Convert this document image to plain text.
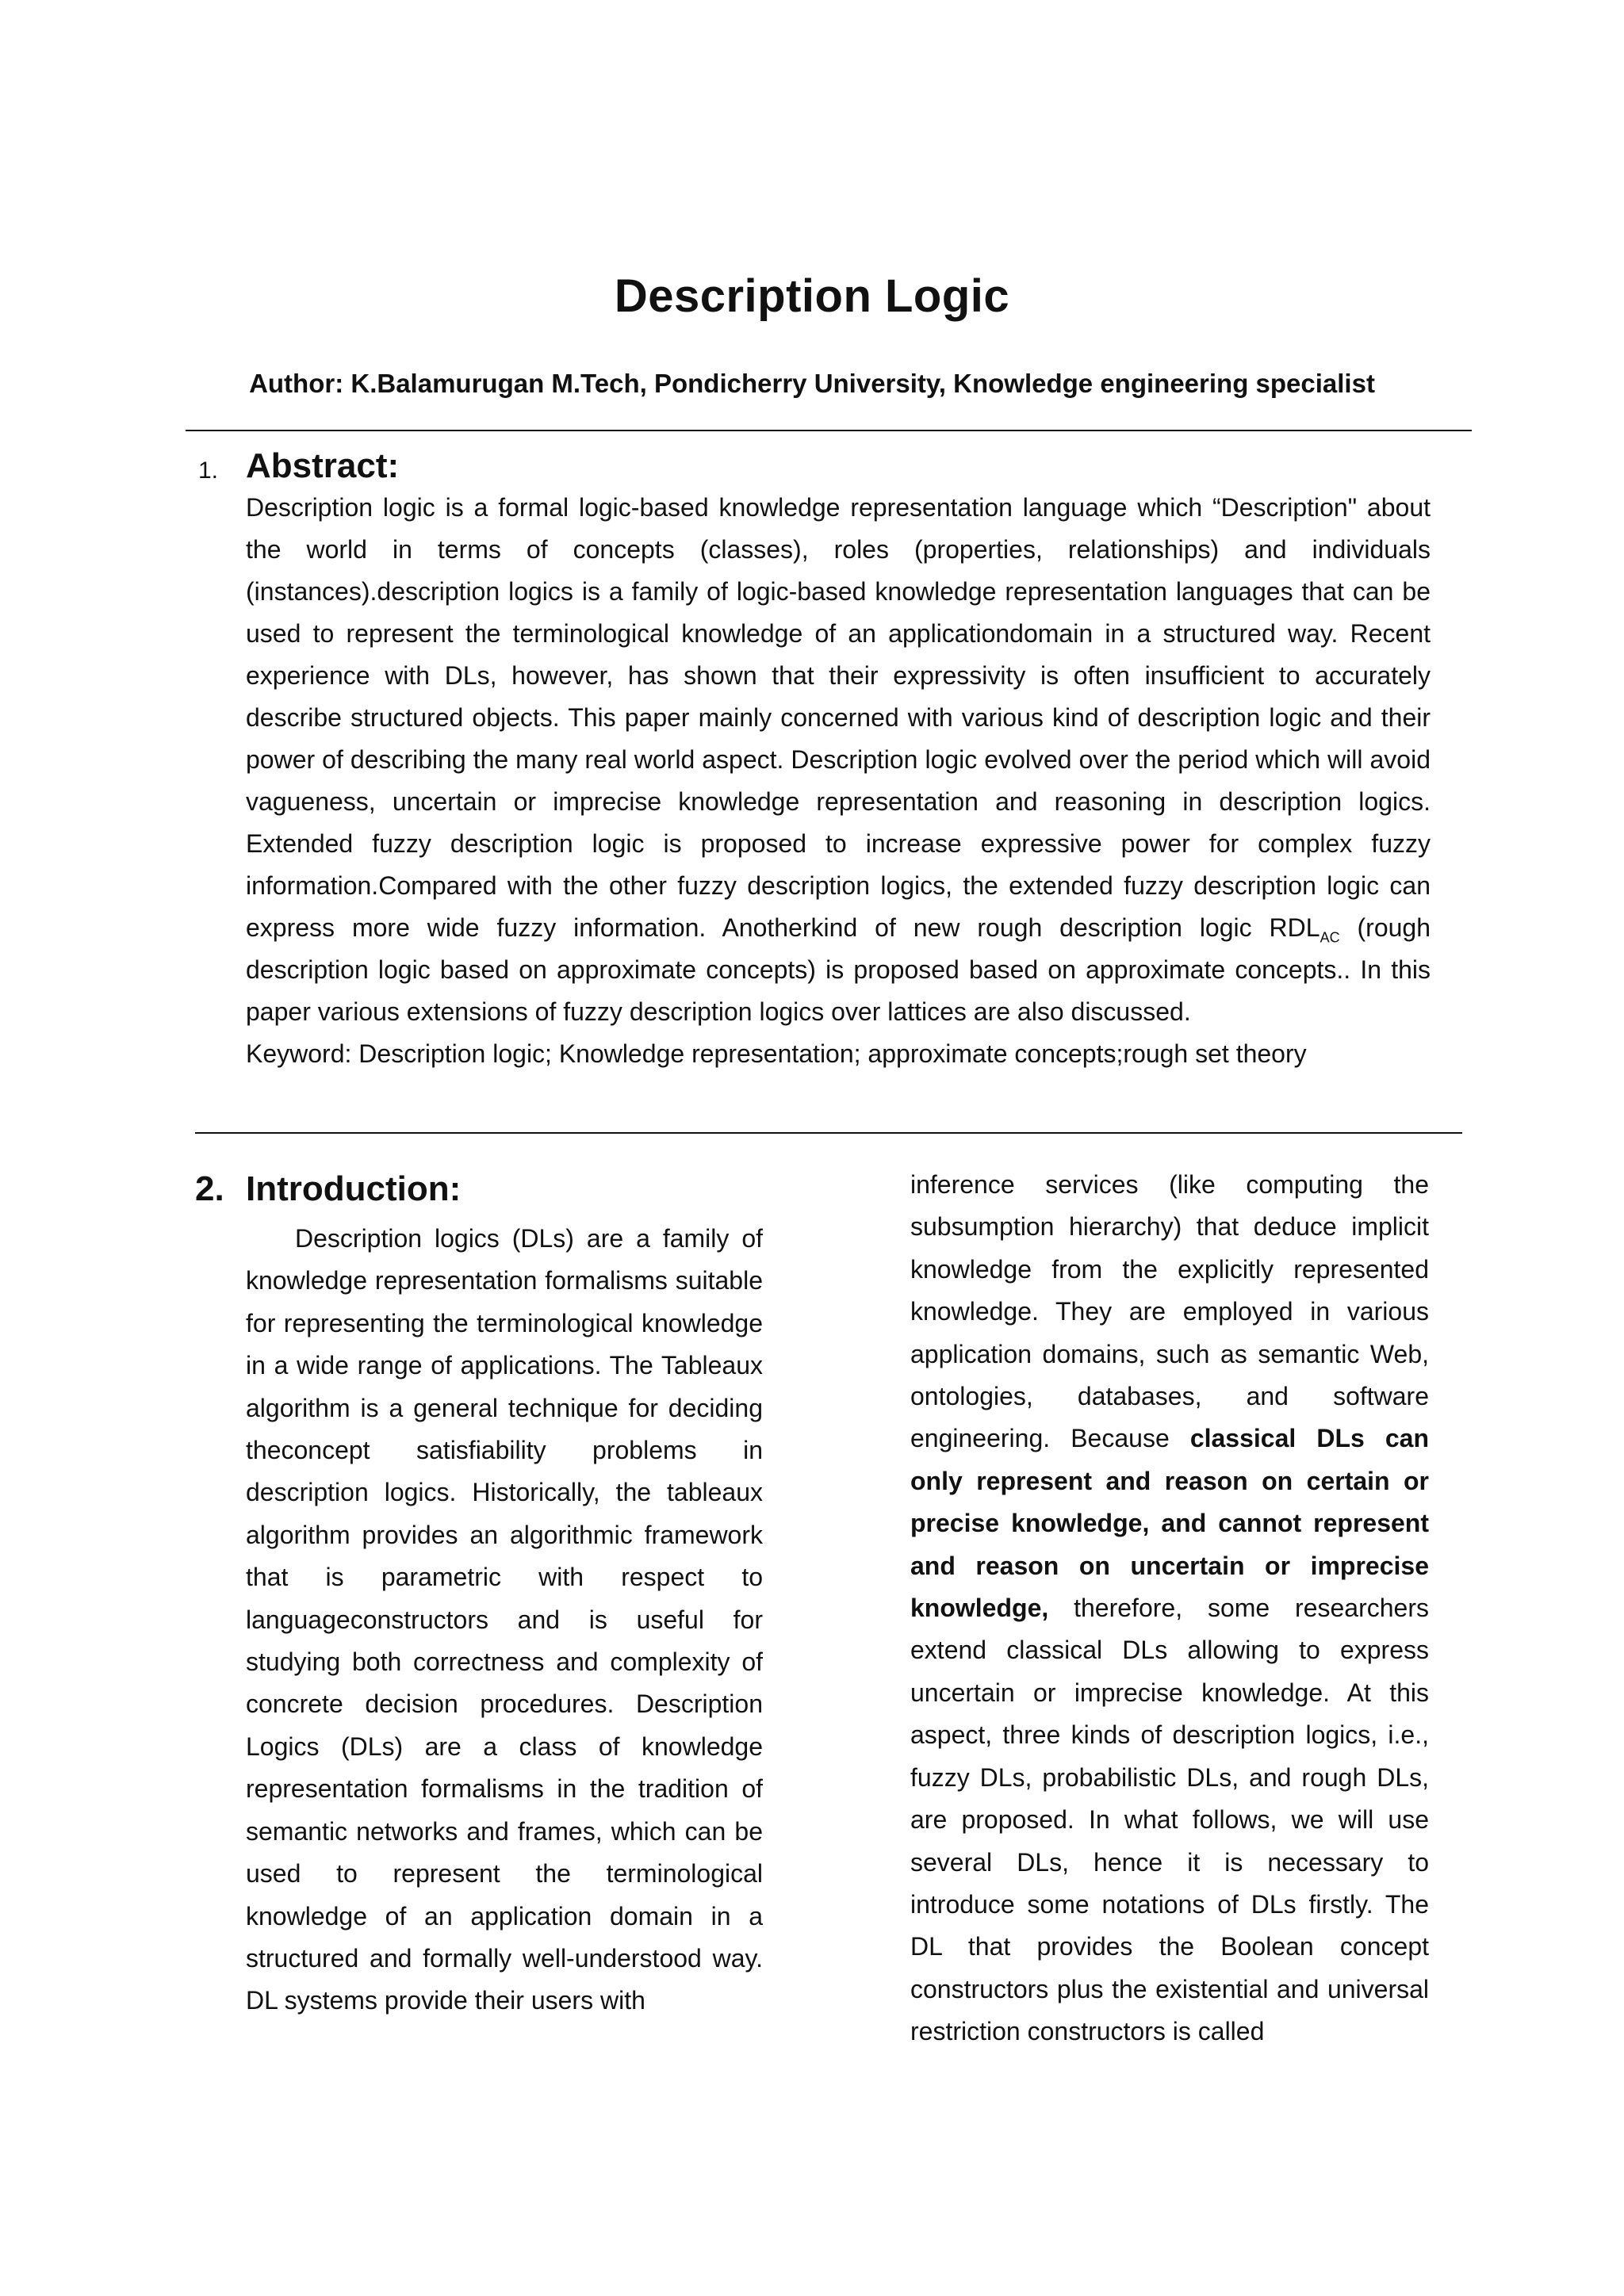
Description Logic
Author: K.Balamurugan M.Tech, Pondicherry University, Knowledge engineering specialist
1. Abstract:

Description logic is a formal logic-based knowledge representation language which “Description" about the world in terms of concepts (classes), roles (properties, relationships) and individuals (instances).description logics is a family of logic-based knowledge representation languages that can be used to represent the terminological knowledge of an applicationdomain in a structured way. Recent experience with DLs, however, has shown that their expressivity is often insufficient to accurately describe structured objects. This paper mainly concerned with various kind of description logic and their power of describing the many real world aspect. Description logic evolved over the period which will avoid vagueness, uncertain or imprecise knowledge representation and reasoning in description logics. Extended fuzzy description logic is proposed to increase expressive power for complex fuzzy information.Compared with the other fuzzy description logics, the extended fuzzy description logic can express more wide fuzzy information. Anotherkind of new rough description logic $RDL_{AC}$ (rough description logic based on approximate concepts) is proposed based on approximate concepts.. In this paper various extensions of fuzzy description logics over lattices are also discussed.

Keyword: Description logic; Knowledge representation; approximate concepts;rough set theory

2. Introduction:

Description logics (DLs) are a family of knowledge representation formalisms suitable for representing the terminological knowledge in a wide range of applications. The Tableaux algorithm is a general technique for deciding theconcept satisfiability problems in description logics. Historically, the tableaux algorithm provides an algorithmic framework that is parametric with respect to languageconstructors and is useful for studying both correctness and complexity of concrete decision procedures. Description Logics (DLs) are a class of knowledge representation formalisms in the tradition of semantic networks and frames, which can be used to represent the terminological knowledge of an application domain in a structured and formally well-understood way. DL systems provide their users with

inference services (like computing the subsumption hierarchy) that deduce implicit knowledge from the explicitly represented knowledge. They are employed in various application domains, such as semantic Web, ontologies, databases, and software engineering. Because classical DLs can only represent and reason on certain or precise knowledge, and cannot represent and reason on uncertain or imprecise knowledge, therefore, some researchers extend classical DLs allowing to express uncertain or imprecise knowledge. At this aspect, three kinds of description logics, i.e., fuzzy DLs, probabilistic DLs, and rough DLs, are proposed. In what follows, we will use several DLs, hence it is necessary to introduce some notations of DLs firstly. The DL that provides the Boolean concept constructors plus the existential and universal restriction constructors is called
